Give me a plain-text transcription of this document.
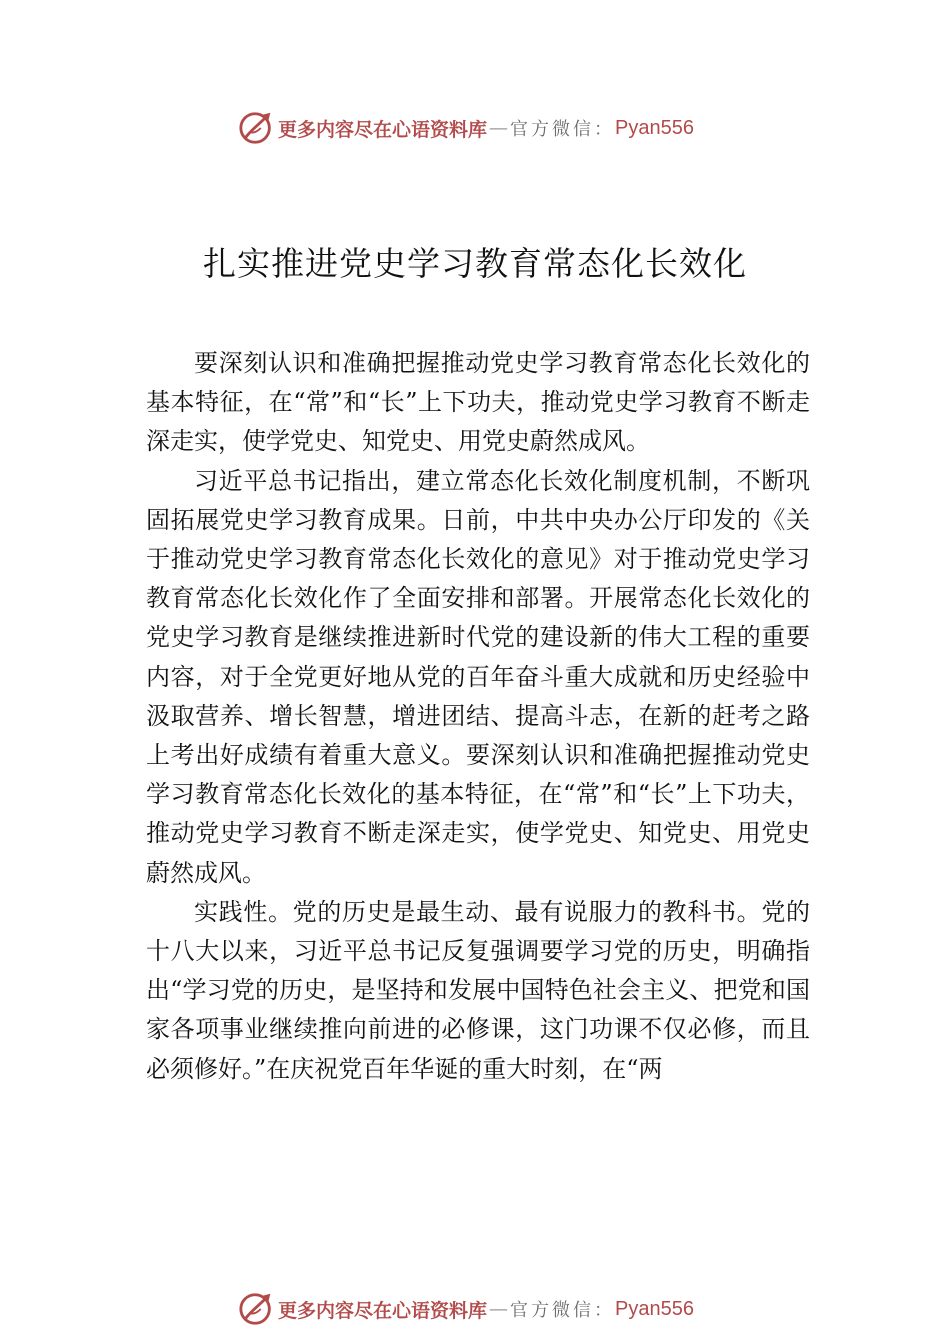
更多内容尽在心语资料库 — 官方微信： Pyan556
扎实推进党史学习教育常态化长效化

要深刻认识和准确把握推动党史学习教育常态化长效化的基本特征，在“常”和“长”上下功夫，推动党史学习教育不断走深走实，使学党史、知党史、用党史蔚然成风。

习近平总书记指出，建立常态化长效化制度机制，不断巩固拓展党史学习教育成果。日前，中共中央办公厅印发的《关于推动党史学习教育常态化长效化的意见》对于推动党史学习教育常态化长效化作了全面安排和部署。开展常态化长效化的党史学习教育是继续推进新时代党的建设新的伟大工程的重要内容，对于全党更好地从党的百年奋斗重大成就和历史经验中汲取营养、增长智慧，增进团结、提高斗志，在新的赶考之路上考出好成绩有着重大意义。要深刻认识和准确把握推动党史学习教育常态化长效化的基本特征，在“常”和“长”上下功夫，推动党史学习教育不断走深走实，使学党史、知党史、用党史蔚然成风。

实践性。党的历史是最生动、最有说服力的教科书。党的十八大以来，习近平总书记反复强调要学习党的历史，明确指出“学习党的历史，是坚持和发展中国特色社会主义、把党和国家各项事业继续推向前进的必修课，这门功课不仅必修，而且必须修好。”在庆祝党百年华诞的重大时刻，在“两

更多内容尽在心语资料库 — 官方微信： Pyan556
